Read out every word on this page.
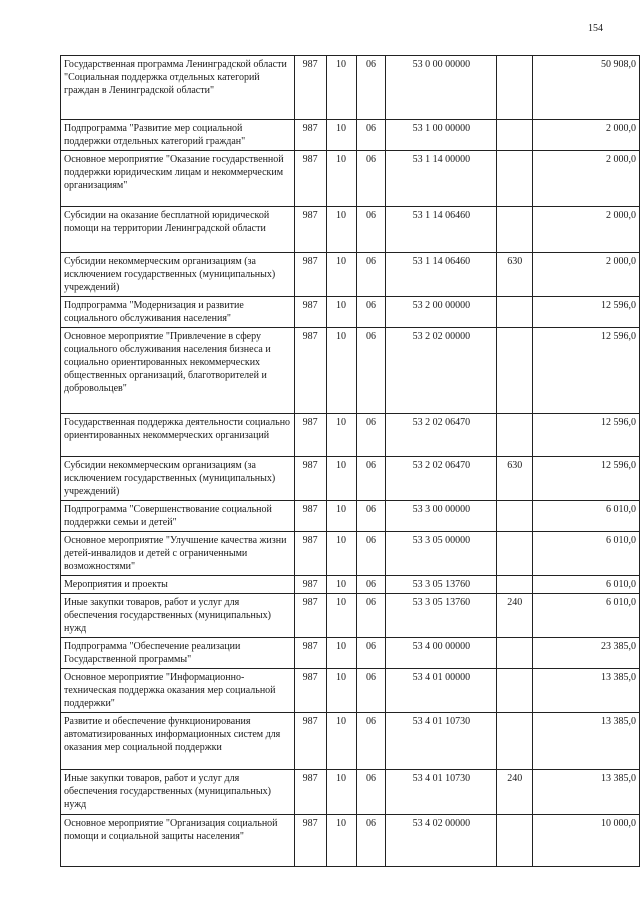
154
Государственная программа Ленинградской области "Социальная поддержка отдельных категорий граждан в Ленинградской области"	987	10	06	53 0 00 00000		50 908,0
Подпрограмма "Развитие мер социальной поддержки отдельных категорий граждан"	987	10	06	53 1 00 00000		2 000,0
Основное мероприятие "Оказание государственной поддержки юридическим лицам и некоммерческим организациям"	987	10	06	53 1 14 00000		2 000,0
Субсидии на оказание бесплатной юридической помощи на территории Ленинградской области	987	10	06	53 1 14 06460		2 000,0
Субсидии некоммерческим организациям (за исключением государственных (муниципальных) учреждений)	987	10	06	53 1 14 06460	630	2 000,0
Подпрограмма "Модернизация и развитие социального обслуживания населения"	987	10	06	53 2 00 00000		12 596,0
Основное мероприятие "Привлечение в сферу социального обслуживания населения бизнеса и социально ориентированных некоммерческих общественных организаций, благотворителей и добровольцев"	987	10	06	53 2 02 00000		12 596,0
Государственная поддержка деятельности социально ориентированных некоммерческих организаций	987	10	06	53 2 02 06470		12 596,0
Субсидии некоммерческим организациям (за исключением государственных (муниципальных) учреждений)	987	10	06	53 2 02 06470	630	12 596,0
Подпрограмма "Совершенствование социальной поддержки семьи и детей"	987	10	06	53 3 00 00000		6 010,0
Основное мероприятие "Улучшение качества жизни детей-инвалидов и детей с ограниченными возможностями"	987	10	06	53 3 05 00000		6 010,0
Мероприятия и проекты	987	10	06	53 3 05 13760		6 010,0
Иные закупки товаров, работ и услуг для обеспечения государственных (муниципальных) нужд	987	10	06	53 3 05 13760	240	6 010,0
Подпрограмма "Обеспечение реализации Государственной программы"	987	10	06	53 4 00 00000		23 385,0
Основное мероприятие "Информационно-техническая поддержка оказания мер социальной поддержки"	987	10	06	53 4 01 00000		13 385,0
Развитие и обеспечение функционирования автоматизированных информационных систем для оказания мер социальной поддержки	987	10	06	53 4 01 10730		13 385,0
Иные закупки товаров, работ и услуг для обеспечения государственных (муниципальных) нужд	987	10	06	53 4 01 10730	240	13 385,0
Основное мероприятие "Организация социальной помощи и социальной защиты населения"	987	10	06	53 4 02 00000		10 000,0
